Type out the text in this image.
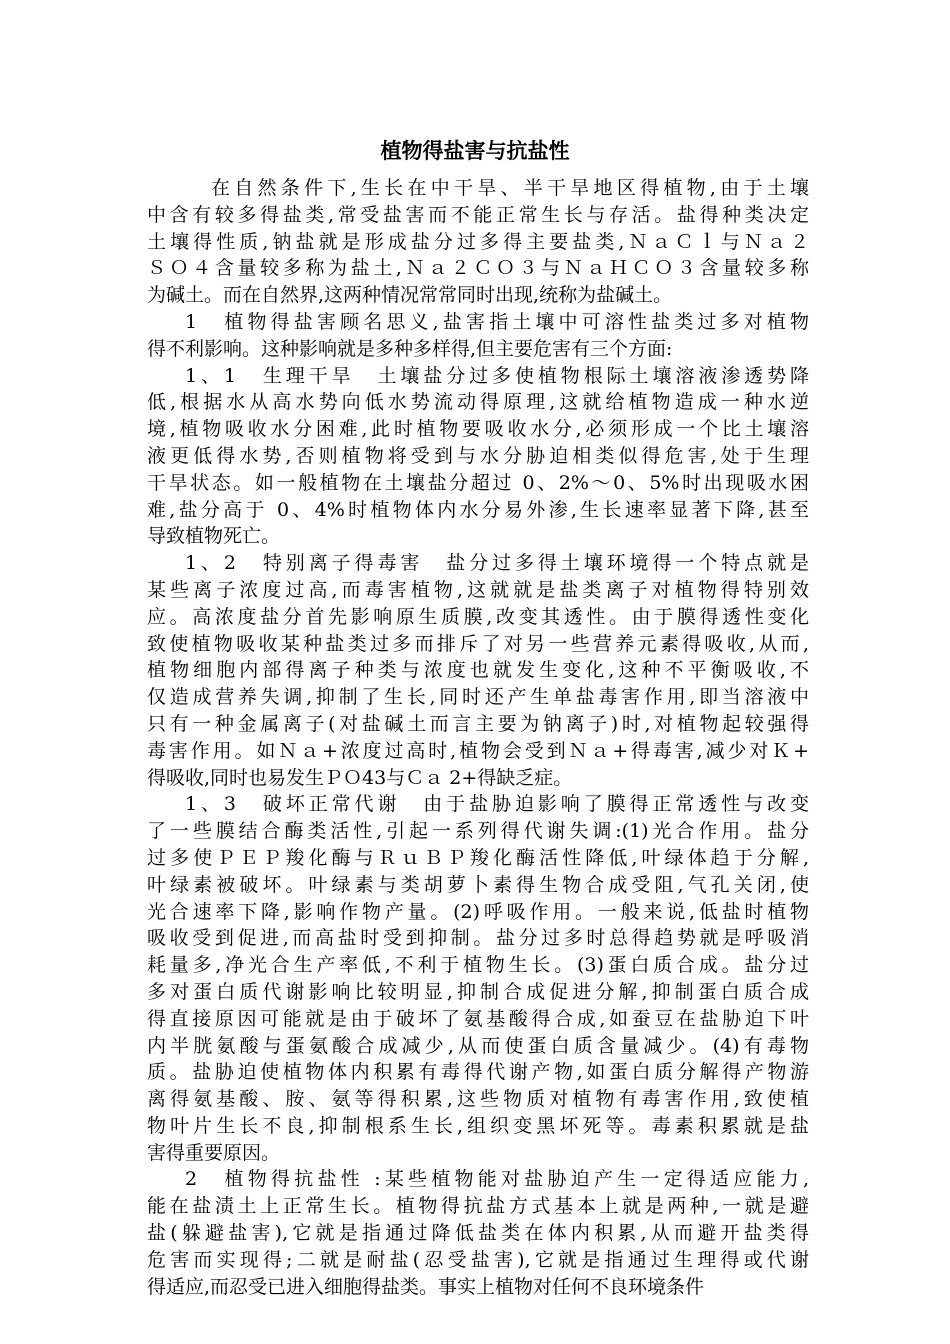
植物得盐害与抗盐性
在自然条件下,生长在中干旱、半干旱地区得植物,由于土壤
中含有较多得盐类,常受盐害而不能正常生长与存活。盐得种类决定
土壤得性质,钠盐就是形成盐分过多得主要盐类,ＮａＣｌ与Ｎａ２
ＳＯ４含量较多称为盐土,Ｎａ２ＣＯ３与ＮａＨＣＯ３含量较多称
为碱土。而在自然界,这两种情况常常同时出现,统称为盐碱土。
1　植物得盐害顾名思义,盐害指土壤中可溶性盐类过多对植物
得不利影响。这种影响就是多种多样得,但主要危害有三个方面:
1、1　生理干旱　土壤盐分过多使植物根际土壤溶液渗透势降
低,根据水从高水势向低水势流动得原理,这就给植物造成一种水逆
境,植物吸收水分困难,此时植物要吸收水分,必须形成一个比土壤溶
液更低得水势,否则植物将受到与水分胁迫相类似得危害,处于生理
干旱状态。如一般植物在土壤盐分超过 0、2%～0、5%时出现吸水困
难,盐分高于 0、4%时植物体内水分易外渗,生长速率显著下降,甚至
导致植物死亡。
1、2　特别离子得毒害　盐分过多得土壤环境得一个特点就是
某些离子浓度过高,而毒害植物,这就就是盐类离子对植物得特别效
应。高浓度盐分首先影响原生质膜,改变其透性。由于膜得透性变化
致使植物吸收某种盐类过多而排斥了对另一些营养元素得吸收,从而,
植物细胞内部得离子种类与浓度也就发生变化,这种不平衡吸收,不
仅造成营养失调,抑制了生长,同时还产生单盐毒害作用,即当溶液中
只有一种金属离子(对盐碱土而言主要为钠离子)时,对植物起较强得
毒害作用。如Ｎａ+浓度过高时,植物会受到Ｎａ+得毒害,减少对Ｋ+
得吸收,同时也易发生ＰＯ43与Ｃａ 2+得缺乏症。
1、3　破坏正常代谢　由于盐胁迫影响了膜得正常透性与改变
了一些膜结合酶类活性,引起一系列得代谢失调:(1)光合作用。盐分
过多使ＰＥＰ羧化酶与ＲｕＢＰ羧化酶活性降低,叶绿体趋于分解,
叶绿素被破坏。叶绿素与类胡萝卜素得生物合成受阻,气孔关闭,使
光合速率下降,影响作物产量。(2)呼吸作用。一般来说,低盐时植物
吸收受到促进,而高盐时受到抑制。盐分过多时总得趋势就是呼吸消
耗量多,净光合生产率低,不利于植物生长。(3)蛋白质合成。盐分过
多对蛋白质代谢影响比较明显,抑制合成促进分解,抑制蛋白质合成
得直接原因可能就是由于破坏了氨基酸得合成,如蚕豆在盐胁迫下叶
内半胱氨酸与蛋氨酸合成减少,从而使蛋白质含量减少。(4)有毒物
质。盐胁迫使植物体内积累有毒得代谢产物,如蛋白质分解得产物游
离得氨基酸、胺、氨等得积累,这些物质对植物有毒害作用,致使植
物叶片生长不良,抑制根系生长,组织变黑坏死等。毒素积累就是盐
害得重要原因。
2　植物得抗盐性 :某些植物能对盐胁迫产生一定得适应能力,
能在盐渍土上正常生长。植物得抗盐方式基本上就是两种,一就是避
盐(躲避盐害),它就是指通过降低盐类在体内积累,从而避开盐类得
危害而实现得;二就是耐盐(忍受盐害),它就是指通过生理得或代谢
得适应,而忍受已进入细胞得盐类。事实上植物对任何不良环境条件
